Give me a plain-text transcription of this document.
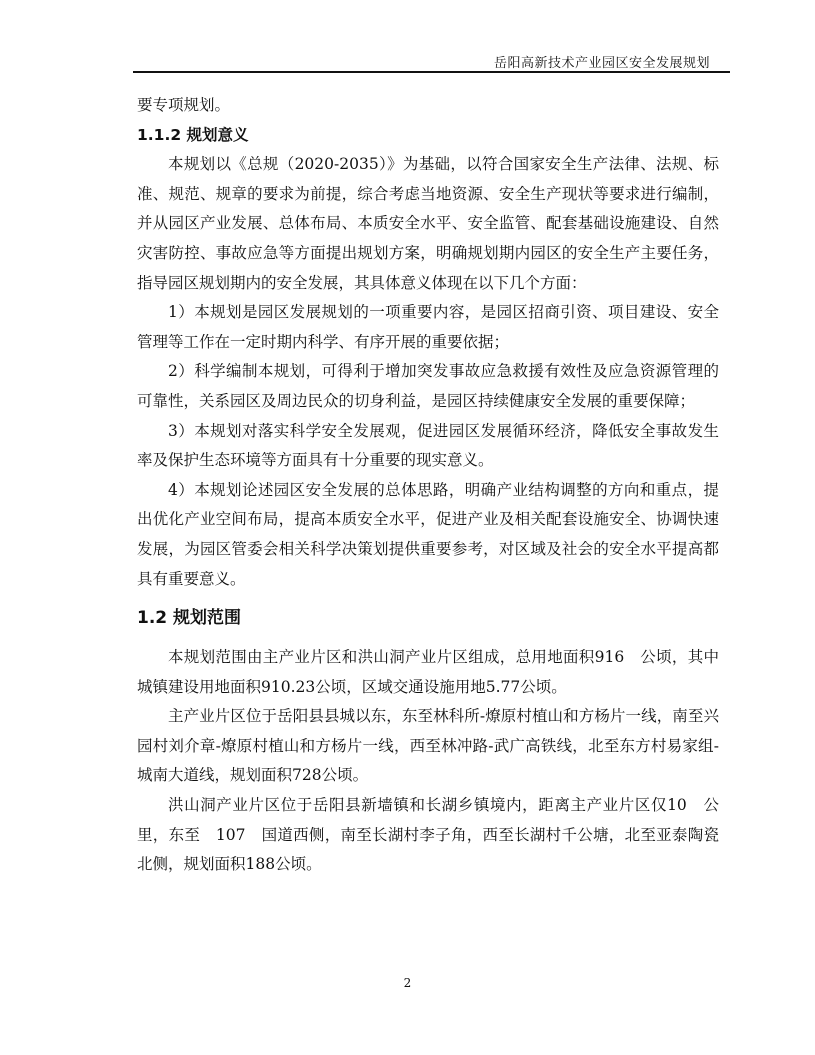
岳阳高新技术产业园区安全发展规划

要专项规划。

1.1.2 规划意义

本规划以《总规（2020-2035）》为基础，以符合国家安全生产法律、法规、标准、规范、规章的要求为前提，综合考虑当地资源、安全生产现状等要求进行编制，并从园区产业发展、总体布局、本质安全水平、安全监管、配套基础设施建设、自然灾害防控、事故应急等方面提出规划方案，明确规划期内园区的安全生产主要任务，指导园区规划期内的安全发展，其具体意义体现在以下几个方面：

1）本规划是园区发展规划的一项重要内容，是园区招商引资、项目建设、安全管理等工作在一定时期内科学、有序开展的重要依据；

2）科学编制本规划，可得利于增加突发事故应急救援有效性及应急资源管理的可靠性，关系园区及周边民众的切身利益，是园区持续健康安全发展的重要保障；

3）本规划对落实科学安全发展观，促进园区发展循环经济，降低安全事故发生率及保护生态环境等方面具有十分重要的现实意义。

4）本规划论述园区安全发展的总体思路，明确产业结构调整的方向和重点，提出优化产业空间布局，提高本质安全水平，促进产业及相关配套设施安全、协调快速发展，为园区管委会相关科学决策划提供重要参考，对区域及社会的安全水平提高都具有重要意义。

1.2 规划范围

本规划范围由主产业片区和洪山洞产业片区组成，总用地面积916　公顷，其中城镇建设用地面积910.23公顷，区域交通设施用地5.77公顷。

主产业片区位于岳阳县县城以东，东至林科所-燎原村植山和方杨片一线，南至兴园村刘介章-燎原村植山和方杨片一线，西至林冲路-武广高铁线，北至东方村易家组-城南大道线，规划面积728公顷。

洪山洞产业片区位于岳阳县新墙镇和长湖乡镇境内，距离主产业片区仅10　公里，东至　107　国道西侧，南至长湖村李子角，西至长湖村千公塘，北至亚泰陶瓷北侧，规划面积188公顷。

2
